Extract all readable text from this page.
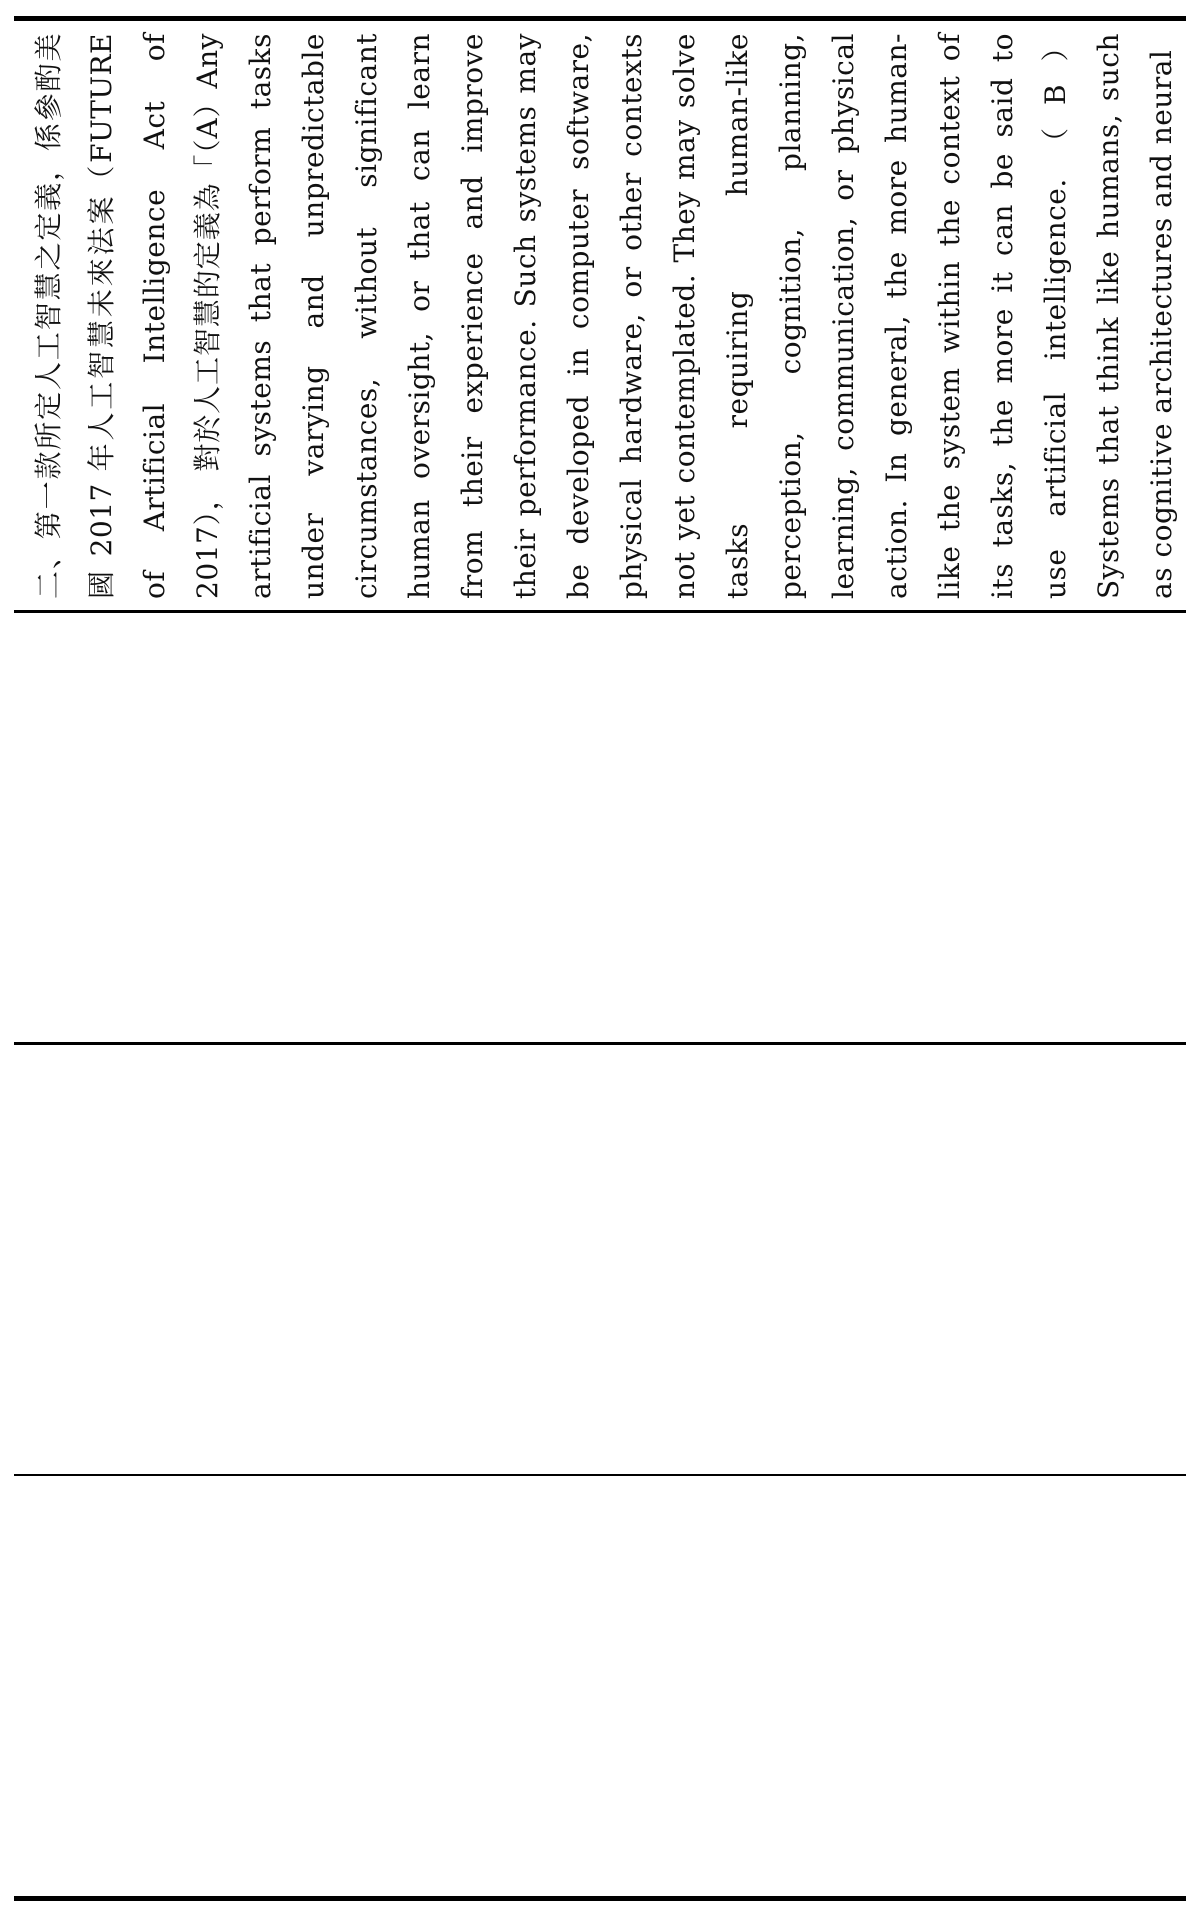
二、第一款所定人工智慧之定義，係參酌美國 2017 年人工智慧未來法案（FUTURE of Artificial Intelligence Act of 2017）， 對於人工智慧的定義為「（A）Any artificial systems that perform tasks under varying and unpredictable circumstances, without significant human oversight, or that can learn from their experience and improve their performance. Such systems may be developed in computer software, physical hardware, or other contexts not yet contemplated. They may solve tasks requiring human-like perception, cognition, planning, learning, communication, or physical action. In general, the more human-like the system within the context of its tasks, the more it can be said to use artificial intelligence.（B）Systems that think like humans, such as cognitive architectures and neural
